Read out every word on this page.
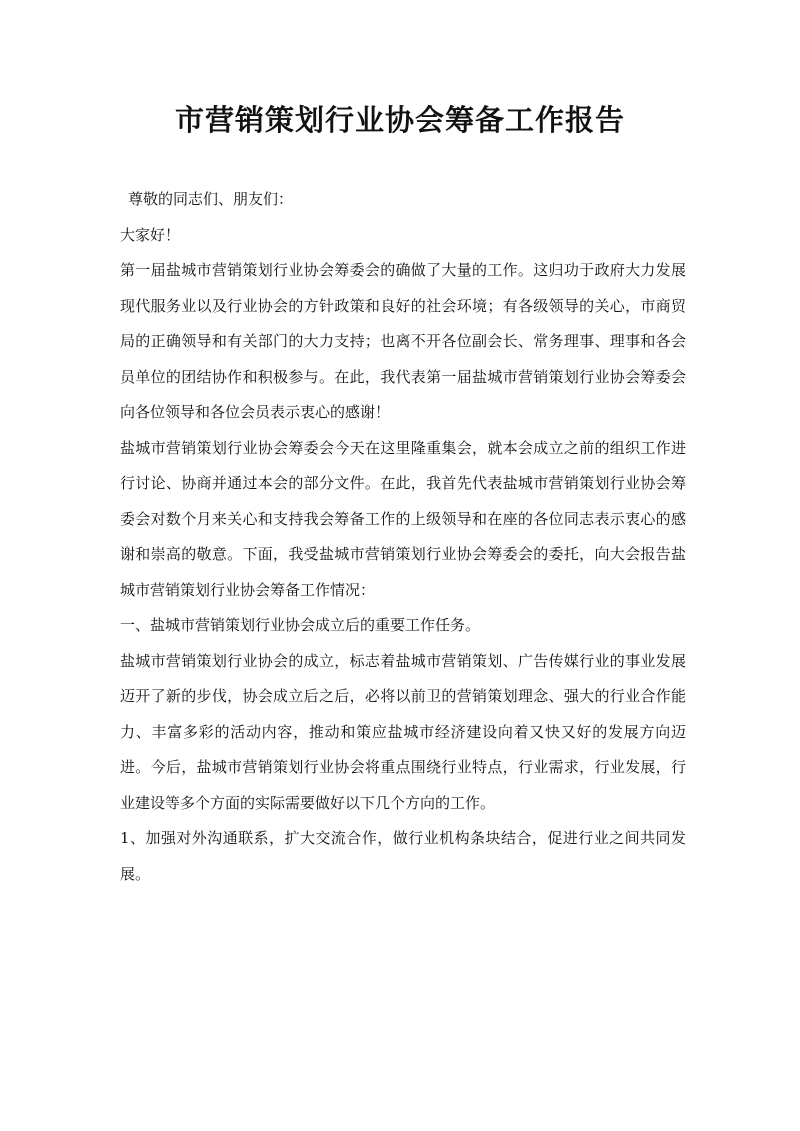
市营销策划行业协会筹备工作报告

尊敬的同志们、朋友们：

大家好！

第一届盐城市营销策划行业协会筹委会的确做了大量的工作。这归功于政府大力发展现代服务业以及行业协会的方针政策和良好的社会环境；有各级领导的关心，市商贸局的正确领导和有关部门的大力支持；也离不开各位副会长、常务理事、理事和各会员单位的团结协作和积极参与。在此，我代表第一届盐城市营销策划行业协会筹委会向各位领导和各位会员表示衷心的感谢！

盐城市营销策划行业协会筹委会今天在这里隆重集会，就本会成立之前的组织工作进行讨论、协商并通过本会的部分文件。在此，我首先代表盐城市营销策划行业协会筹委会对数个月来关心和支持我会筹备工作的上级领导和在座的各位同志表示衷心的感谢和崇高的敬意。下面，我受盐城市营销策划行业协会筹委会的委托，向大会报告盐城市营销策划行业协会筹备工作情况：

一、盐城市营销策划行业协会成立后的重要工作任务。

盐城市营销策划行业协会的成立，标志着盐城市营销策划、广告传媒行业的事业发展迈开了新的步伐，协会成立后之后，必将以前卫的营销策划理念、强大的行业合作能力、丰富多彩的活动内容，推动和策应盐城市经济建设向着又快又好的发展方向迈进。今后，盐城市营销策划行业协会将重点围绕行业特点，行业需求，行业发展，行业建设等多个方面的实际需要做好以下几个方向的工作。

1、加强对外沟通联系，扩大交流合作，做行业机构条块结合，促进行业之间共同发展。
